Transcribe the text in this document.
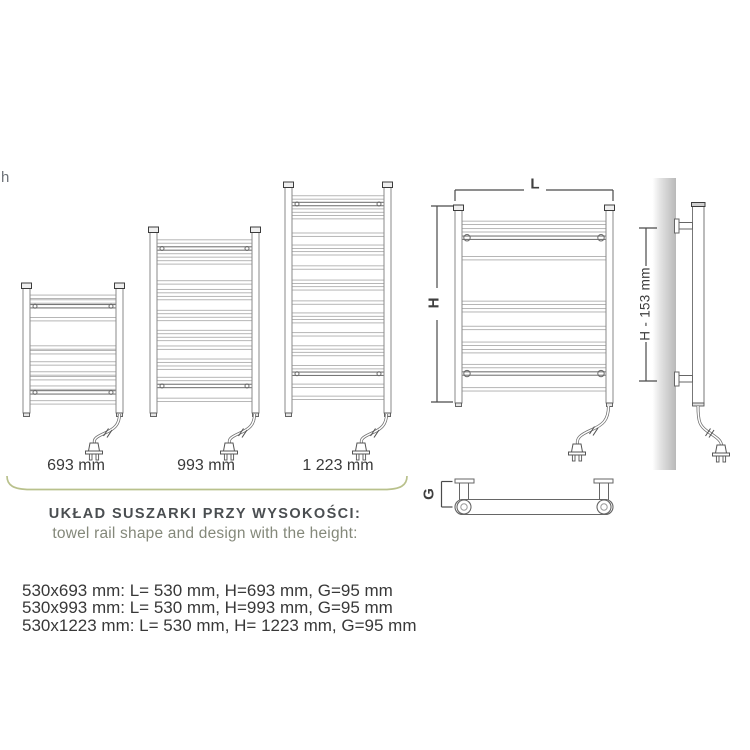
h
693 mm	993 mm	1 223 mm
L
H
G
H - 153 mm
UKŁAD SUSZARKI PRZY WYSOKOŚCI:
towel rail shape and design with the height:
530x693 mm: L= 530 mm, H=693 mm, G=95 mm
530x993 mm: L= 530 mm, H=993 mm, G=95 mm
530x1223 mm: L= 530 mm, H= 1223 mm, G=95 mm
